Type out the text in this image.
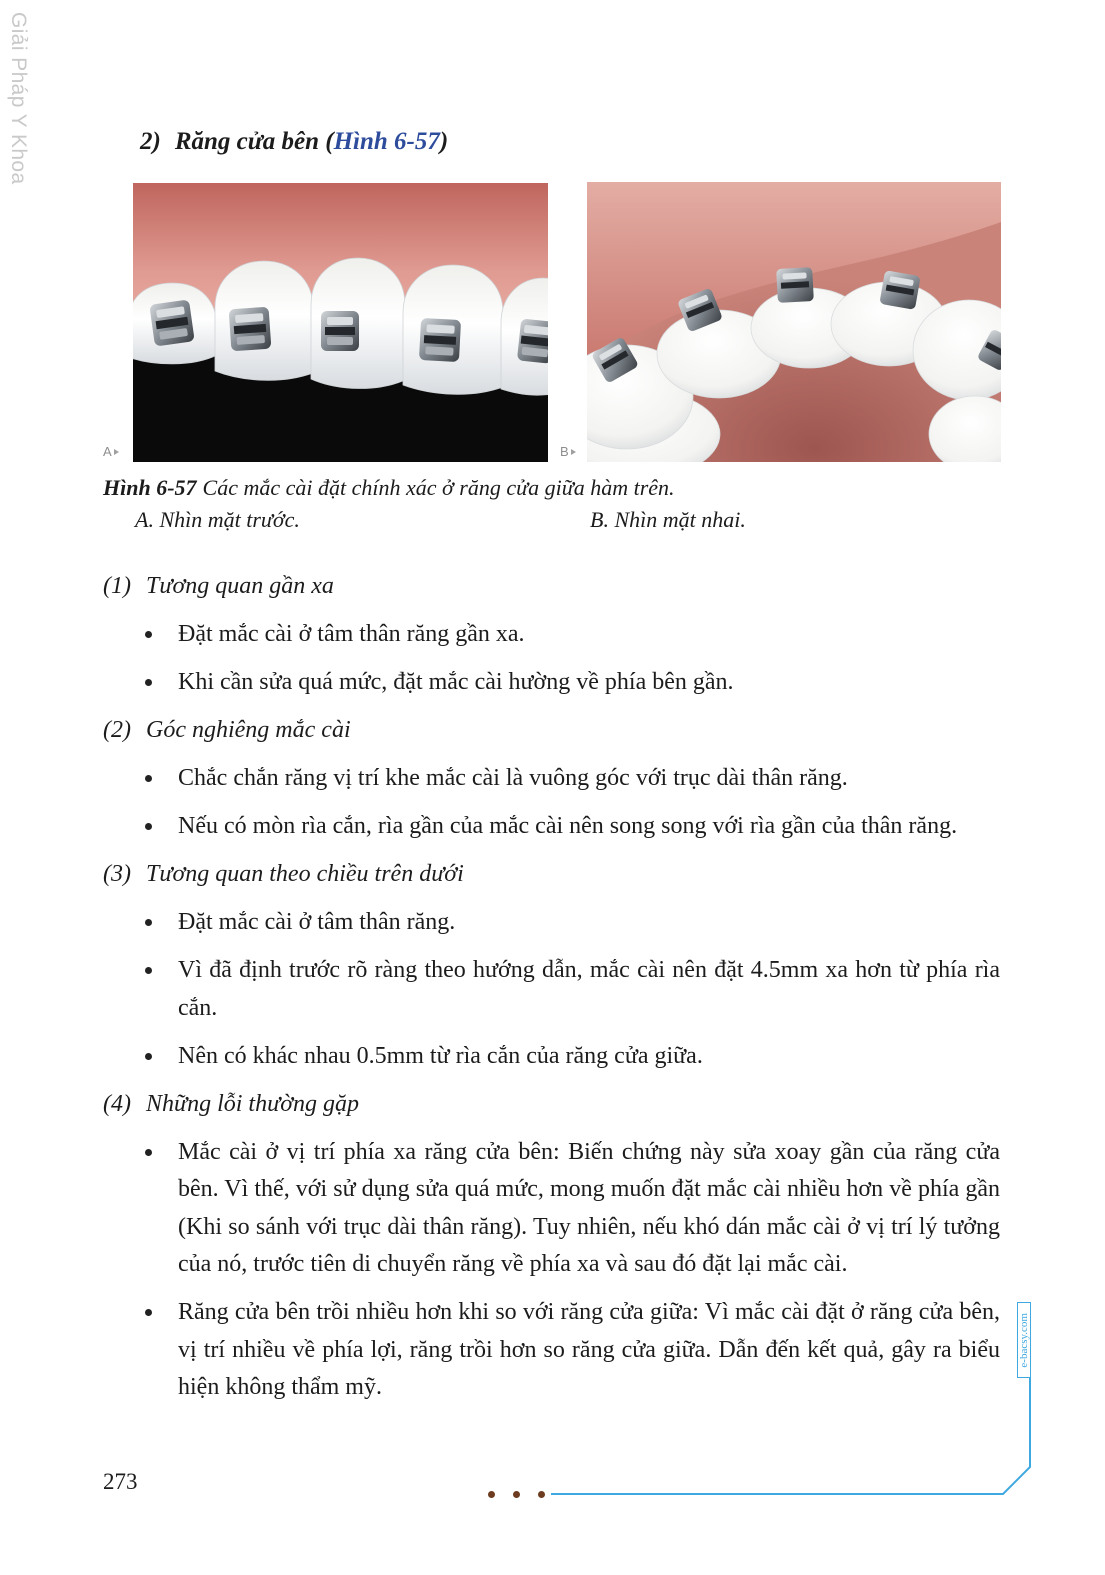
Giải Pháp Y Khoa	2) Răng cửa bên (Hình 6-57)
A	B
Hình 6-57 Các mắc cài đặt chính xác ở răng cửa giữa hàm trên.
A. Nhìn mặt trước.	B. Nhìn mặt nhai.
(1) Tương quan gần xa
Đặt mắc cài ở tâm thân răng gần xa.
Khi cần sửa quá mức, đặt mắc cài hường về phía bên gần.
(2) Góc nghiêng mắc cài
Chắc chắn răng vị trí khe mắc cài là vuông góc với trục dài thân răng.
Nếu có mòn rìa cắn, rìa gần của mắc cài nên song song với rìa gần của thân răng.
(3) Tương quan theo chiều trên dưới
Đặt mắc cài ở tâm thân răng.
Vì đã định trước rõ ràng theo hướng dẫn, mắc cài nên đặt 4.5mm xa hơn từ phía rìa cắn.
Nên có khác nhau 0.5mm từ rìa cắn của răng cửa giữa.
(4) Những lỗi thường gặp
Mắc cài ở vị trí phía xa răng cửa bên: Biến chứng này sửa xoay gần của răng cửa bên. Vì thế, với sử dụng sửa quá mức, mong muốn đặt mắc cài nhiều hơn về phía gần (Khi so sánh với trục dài thân răng). Tuy nhiên, nếu khó dán mắc cài ở vị trí lý tưởng của nó, trước tiên di chuyển răng về phía xa và sau đó đặt lại mắc cài.
Răng cửa bên trồi nhiều hơn khi so với răng cửa giữa: Vì mắc cài đặt ở răng cửa bên, vị trí nhiều về phía lợi, răng trồi hơn so răng cửa giữa. Dẫn đến kết quả, gây ra biểu hiện không thẩm mỹ.
273
e-bacsy.com
